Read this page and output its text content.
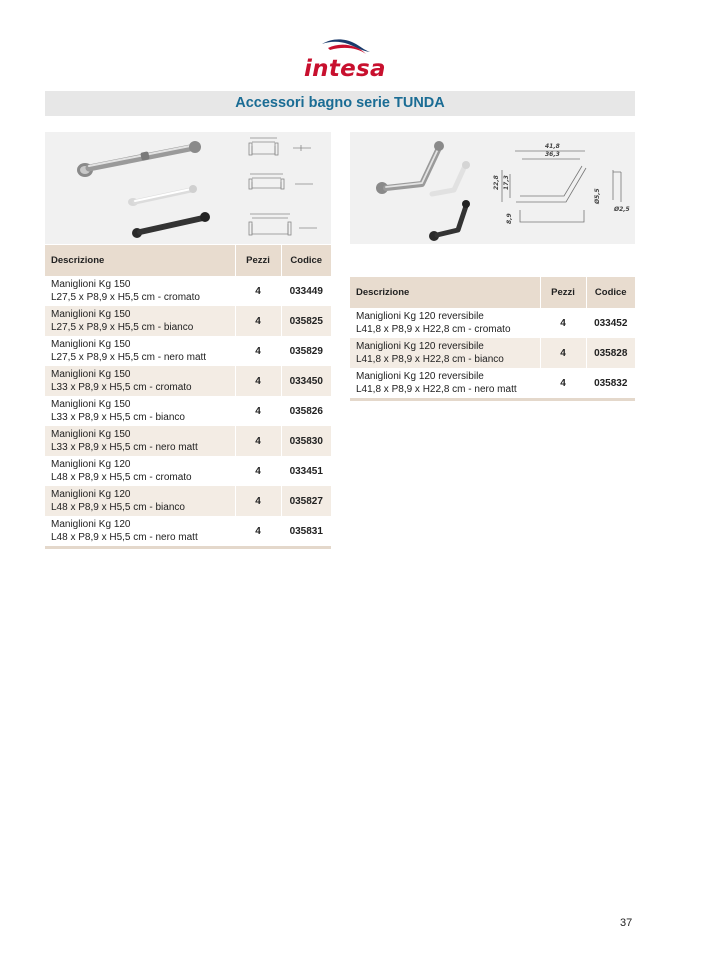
intesa
Accessori bagno serie TUNDA
Descrizione	Pezzi	Codice

Maniglioni Kg 150
L27,5 x P8,9 x H5,5 cm - cromato	4	033449

Maniglioni Kg 150
L27,5 x P8,9 x H5,5 cm - bianco	4	035825

Maniglioni Kg 150
L27,5 x P8,9 x H5,5 cm - nero matt	4	035829

Maniglioni Kg 150
L33 x P8,9 x H5,5 cm - cromato	4	033450

Maniglioni Kg 150
L33 x P8,9 x H5,5 cm - bianco	4	035826

Maniglioni Kg 150
L33 x P8,9 x H5,5 cm - nero matt	4	035830

Maniglioni Kg 120
L48 x P8,9 x H5,5 cm - cromato	4	033451

Maniglioni Kg 120
L48 x P8,9 x H5,5 cm - bianco	4	035827

Maniglioni Kg 120
L48 x P8,9 x H5,5 cm - nero matt	4	035831
41,8
36,3
22,8 17,3
8,9
Ø5,5
Ø2,5
Descrizione	Pezzi	Codice

Maniglioni Kg 120 reversibile
L41,8 x P8,9 x H22,8 cm - cromato	4	033452

Maniglioni Kg 120 reversibile
L41,8 x P8,9 x H22,8 cm - bianco	4	035828

Maniglioni Kg 120 reversibile
L41,8 x P8,9 x H22,8 cm - nero matt	4	035832
37
